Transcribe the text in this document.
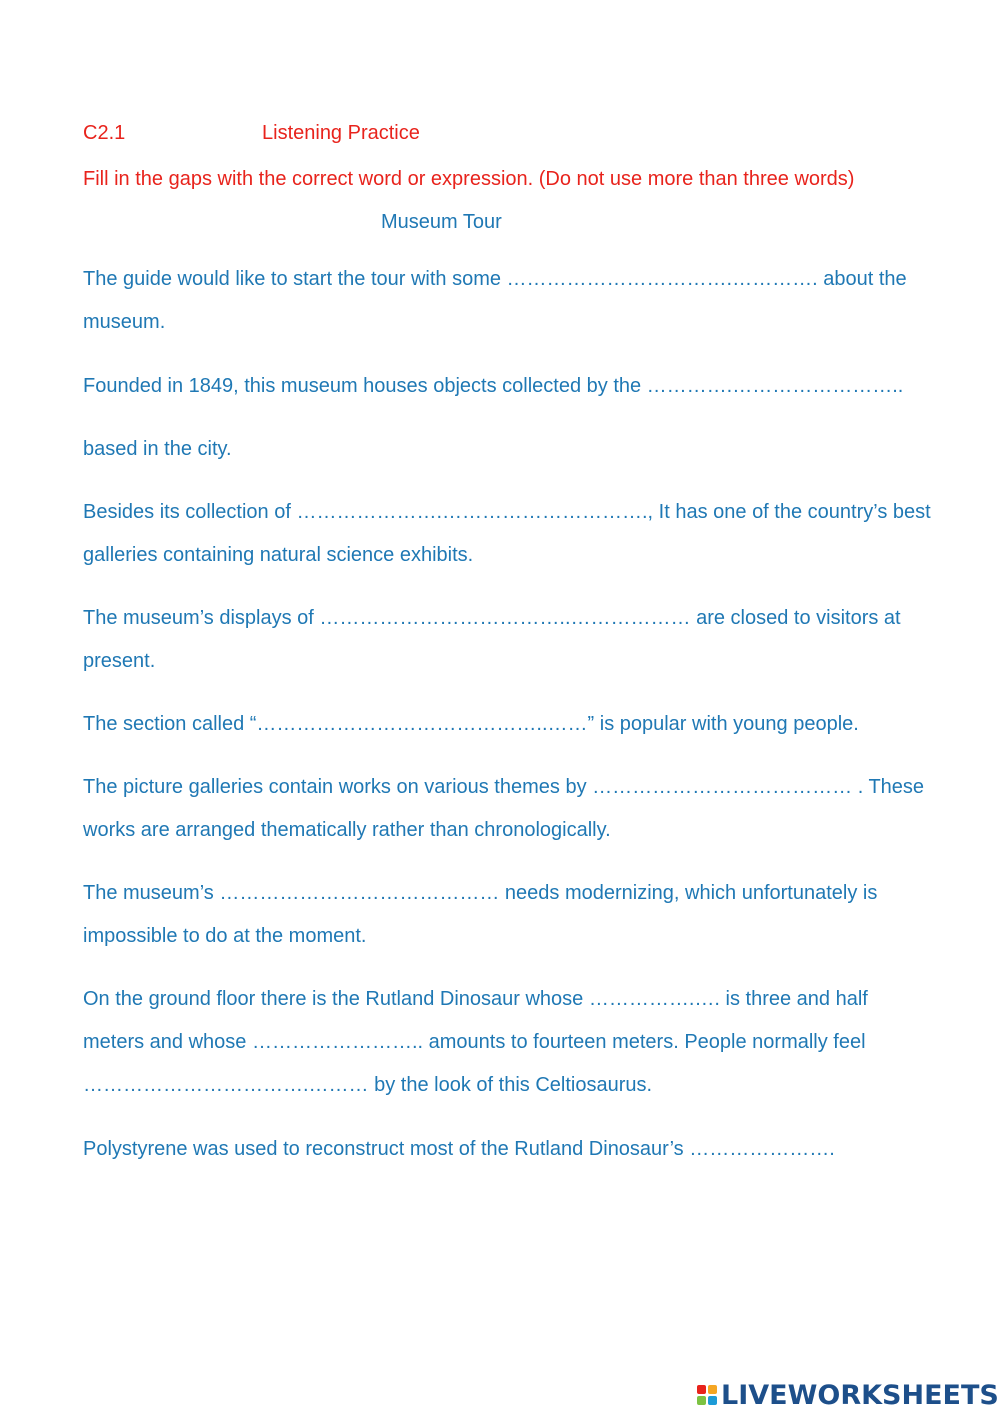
C2.1	Listening Practice
Fill in the gaps with the correct word or expression. (Do not use more than three words)
Museum Tour
The guide would like to start the tour with some …………………………….…………. about the
museum.
Founded in 1849, this museum houses objects collected by the ………….……………………..
based in the city.
Besides its collection of ………………….…………………………., It has one of the country’s best
galleries containing natural science exhibits.
The museum’s displays of ………………………………..……………… are closed to visitors at
present.
The section called “……………………………………..……” is popular with young people.
The picture galleries contain works on various themes by ………………………………… . These
works are arranged thematically rather than chronologically.
The museum’s …………………………………… needs modernizing, which unfortunately is
impossible to do at the moment.
On the ground floor there is the Rutland Dinosaur whose …………….…. is three and half
meters and whose …………………….. amounts to fourteen meters. People normally feel
…………………………….……… by the look of this Celtiosaurus.
Polystyrene was used to reconstruct most of the Rutland Dinosaur’s ………………….
LIVEWORKSHEETS
